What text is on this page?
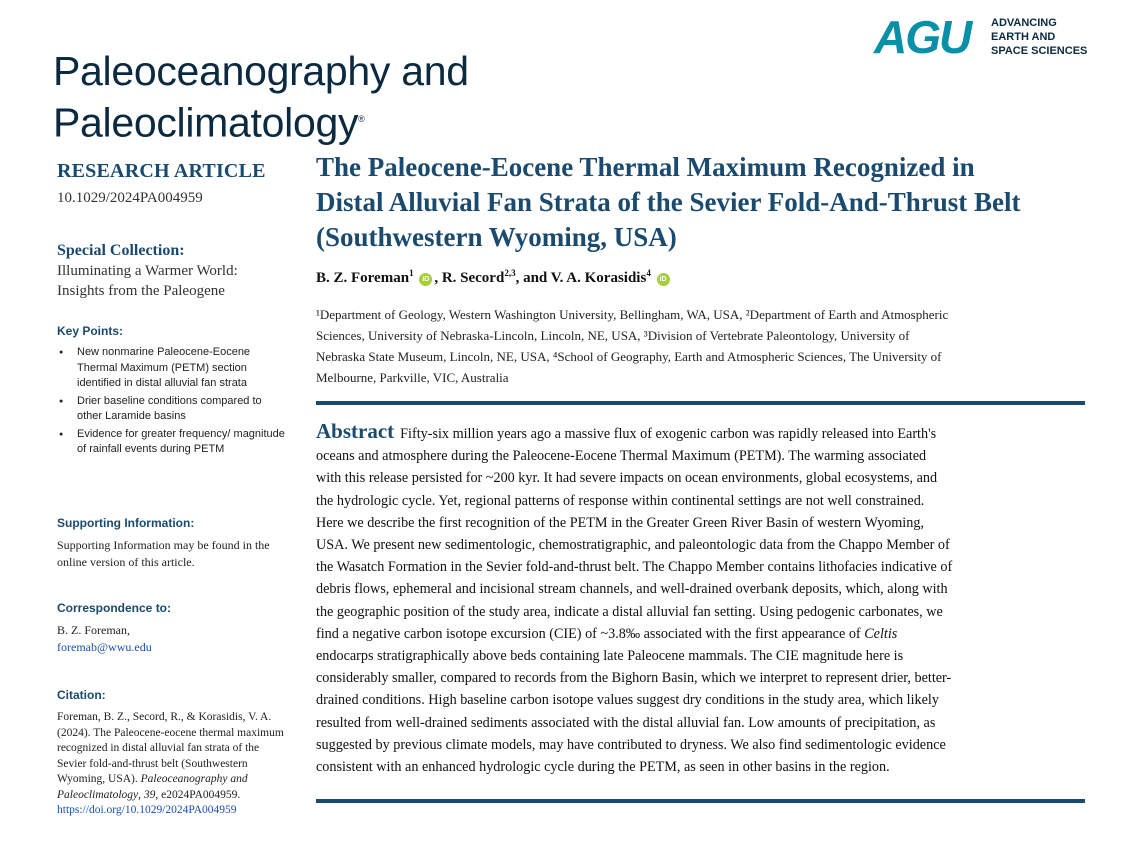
Paleoceanography and
Paleoclimatology®
AGU ADVANCING
EARTH AND
SPACE SCIENCES
RESEARCH ARTICLE
10.1029/2024PA004959
Special Collection:
Illuminating a Warmer World:
Insights from the Paleogene
Key Points:
● New nonmarine Paleocene-Eocene Thermal Maximum (PETM) section identified in distal alluvial fan strata
● Drier baseline conditions compared to other Laramide basins
● Evidence for greater frequency/ magnitude of rainfall events during PETM
Supporting Information:
Supporting Information may be found in the online version of this article.
Correspondence to:
B. Z. Foreman,
foremab@wwu.edu
Citation:
Foreman, B. Z., Secord, R., & Korasidis, V. A. (2024). The Paleocene-eocene thermal maximum recognized in distal alluvial fan strata of the Sevier fold-and-thrust belt (Southwestern Wyoming, USA). Paleoceanography and Paleoclimatology, 39, e2024PA004959.
https://doi.org/10.1029/2024PA004959
The Paleocene-Eocene Thermal Maximum Recognized in
Distal Alluvial Fan Strata of the Sevier Fold-And-Thrust Belt
(Southwestern Wyoming, USA)
B. Z. Foreman$^1$ iD , R. Secord$^{2,3}$, and V. A. Korasidis$^4$ iD
¹Department of Geology, Western Washington University, Bellingham, WA, USA, ²Department of Earth and Atmospheric
Sciences, University of Nebraska-Lincoln, Lincoln, NE, USA, ³Division of Vertebrate Paleontology, University of
Nebraska State Museum, Lincoln, NE, USA, ⁴School of Geography, Earth and Atmospheric Sciences, The University of
Melbourne, Parkville, VIC, Australia
Abstract Fifty-six million years ago a massive flux of exogenic carbon was rapidly released into Earth's
oceans and atmosphere during the Paleocene-Eocene Thermal Maximum (PETM). The warming associated
with this release persisted for ~200 kyr. It had severe impacts on ocean environments, global ecosystems, and
the hydrologic cycle. Yet, regional patterns of response within continental settings are not well constrained.
Here we describe the first recognition of the PETM in the Greater Green River Basin of western Wyoming,
USA. We present new sedimentologic, chemostratigraphic, and paleontologic data from the Chappo Member of
the Wasatch Formation in the Sevier fold-and-thrust belt. The Chappo Member contains lithofacies indicative of
debris flows, ephemeral and incisional stream channels, and well-drained overbank deposits, which, along with
the geographic position of the study area, indicate a distal alluvial fan setting. Using pedogenic carbonates, we
find a negative carbon isotope excursion (CIE) of ~3.8‰ associated with the first appearance of Celtis
endocarps stratigraphically above beds containing late Paleocene mammals. The CIE magnitude here is
considerably smaller, compared to records from the Bighorn Basin, which we interpret to represent drier, better-
drained conditions. High baseline carbon isotope values suggest dry conditions in the study area, which likely
resulted from well-drained sediments associated with the distal alluvial fan. Low amounts of precipitation, as
suggested by previous climate models, may have contributed to dryness. We also find sedimentologic evidence
consistent with an enhanced hydrologic cycle during the PETM, as seen in other basins in the region.
